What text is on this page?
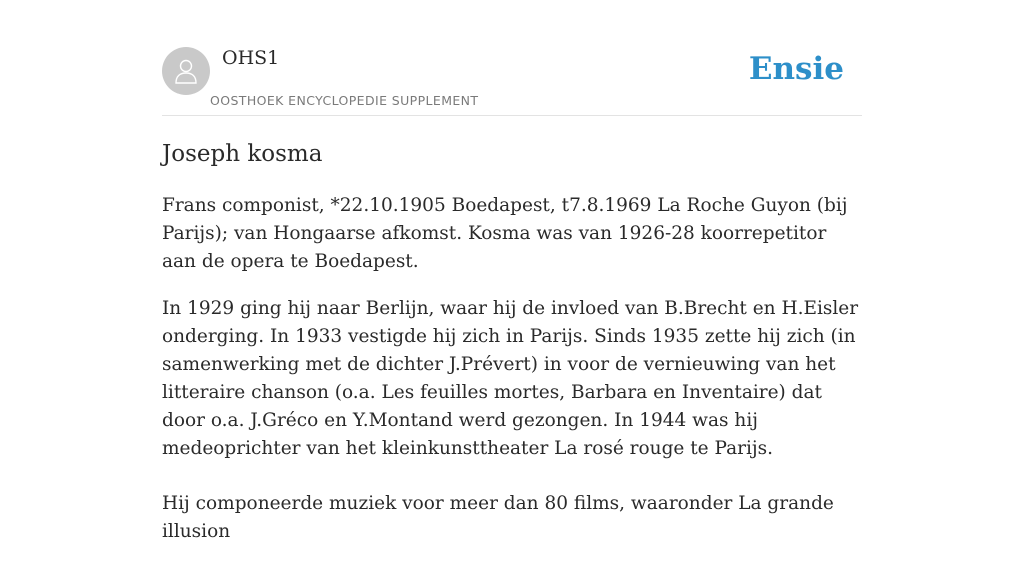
OHS1
OOSTHOEK ENCYCLOPEDIE SUPPLEMENT
Ensie
Joseph kosma

Frans componist, *22.10.1905 Boedapest, t7.8.1969 La Roche Guyon (bij Parijs); van Hongaarse afkomst. Kosma was van 1926-28 koorrepetitor aan de opera te Boedapest.

In 1929 ging hij naar Berlijn, waar hij de invloed van B.Brecht en H.Eisler onderging. In 1933 vestigde hij zich in Parijs. Sinds 1935 zette hij zich (in samenwerking met de dichter J.Prévert) in voor de vernieuwing van het litteraire chanson (o.a. Les feuilles mortes, Barbara en Inventaire) dat door o.a. J.Gréco en Y.Montand werd gezongen. In 1944 was hij medeoprichter van het kleinkunsttheater La rosé rouge te Parijs.

Hij componeerde muziek voor meer dan 80 films, waaronder La grande illusion
